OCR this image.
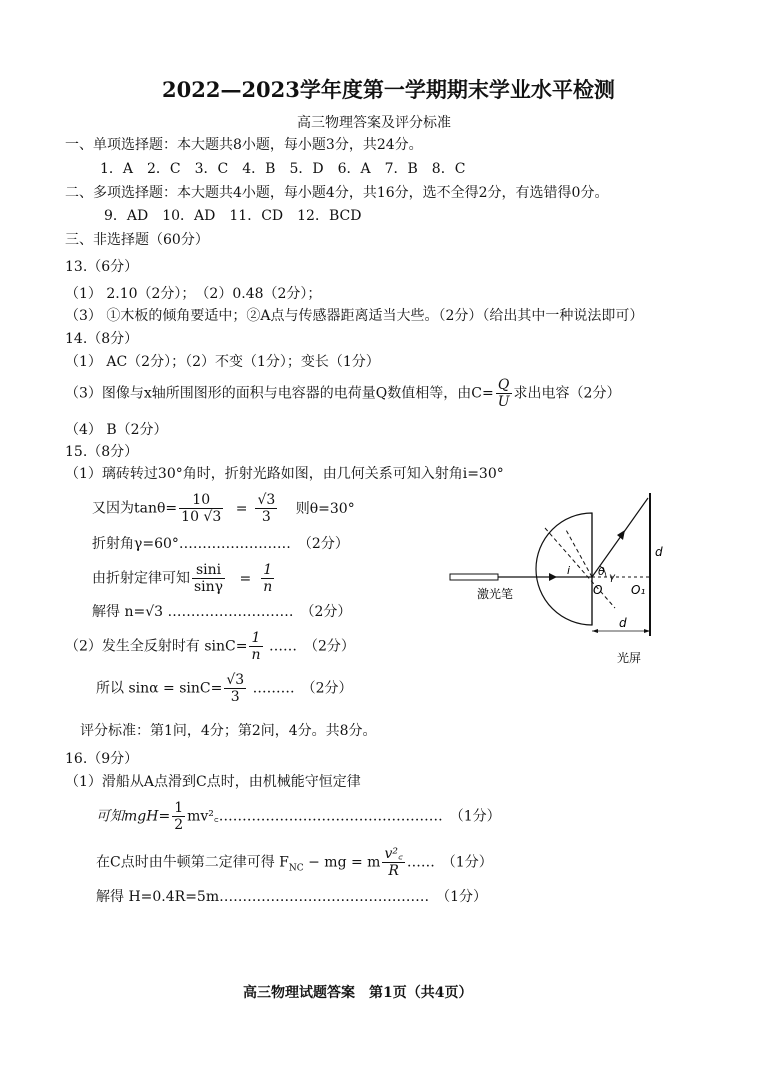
2022—2023学年度第一学期期末学业水平检测
高三物理答案及评分标准
一、单项选择题：本大题共8小题，每小题3分，共24分。
1．A　2．C　3．C　4．B　5．D　6．A　7．B　8．C
二、多项选择题：本大题共4小题，每小题4分，共16分，选不全得2分，有选错得0分。
9．AD　10．AD　11．CD　12．BCD
三、非选择题（60分）
13.（6分）
（1） 2.10（2分）；　（2）0.48（2分）；
（3） ①木板的倾角要适中；②A点与传感器距离适当大些。（2分）（给出其中一种说法即可）
14.（8分）
（1） AC（2分）；（2）不变（1分）；变长（1分）
（3）图像与x轴所围图形的面积与电容器的电荷量Q数值相等，由$C= \frac{Q}{U}$ 求出电容（2分）
（4） B（2分）
15.（8分）
（1）璃砖转过30°角时，折射光路如图，由几何关系可知入射角i=30°
又因为$\tan\theta= \frac{10}{10 √3} = \frac{√3}{3}$ 则θ=30°
折射角γ=60°……………………　（2分）
由折射定律可知 $\frac{\sin i}{\sin\gamma} = \frac{1}{n}$
解得 n=√3 ………………………　（2分）
（2）发生全反射时有 $\sin C= \frac{1}{n}$ ……　（2分）
所以 $\sin\alpha = \sin C= \frac{√3}{3}$ ………　（2分）
评分标准：第1问，4分；第2问，4分。共8分。
d
d
i	θ γ
O O₁
激光笔
光屏
16.（9分）
（1）滑船从A点滑到C点时，由机械能守恒定律
可知$mgH= \frac{1}{2}$ mv²꜀…………………………………………　（1分）
在C点时由牛顿第二定律可得 $F_{NC}$ − mg = m $\frac{\text{v²꜀}}{R}$ ……　（1分）
解得 H=0.4R=5m………………………………………　（1分）
高三物理试题答案　第1页（共4页）
